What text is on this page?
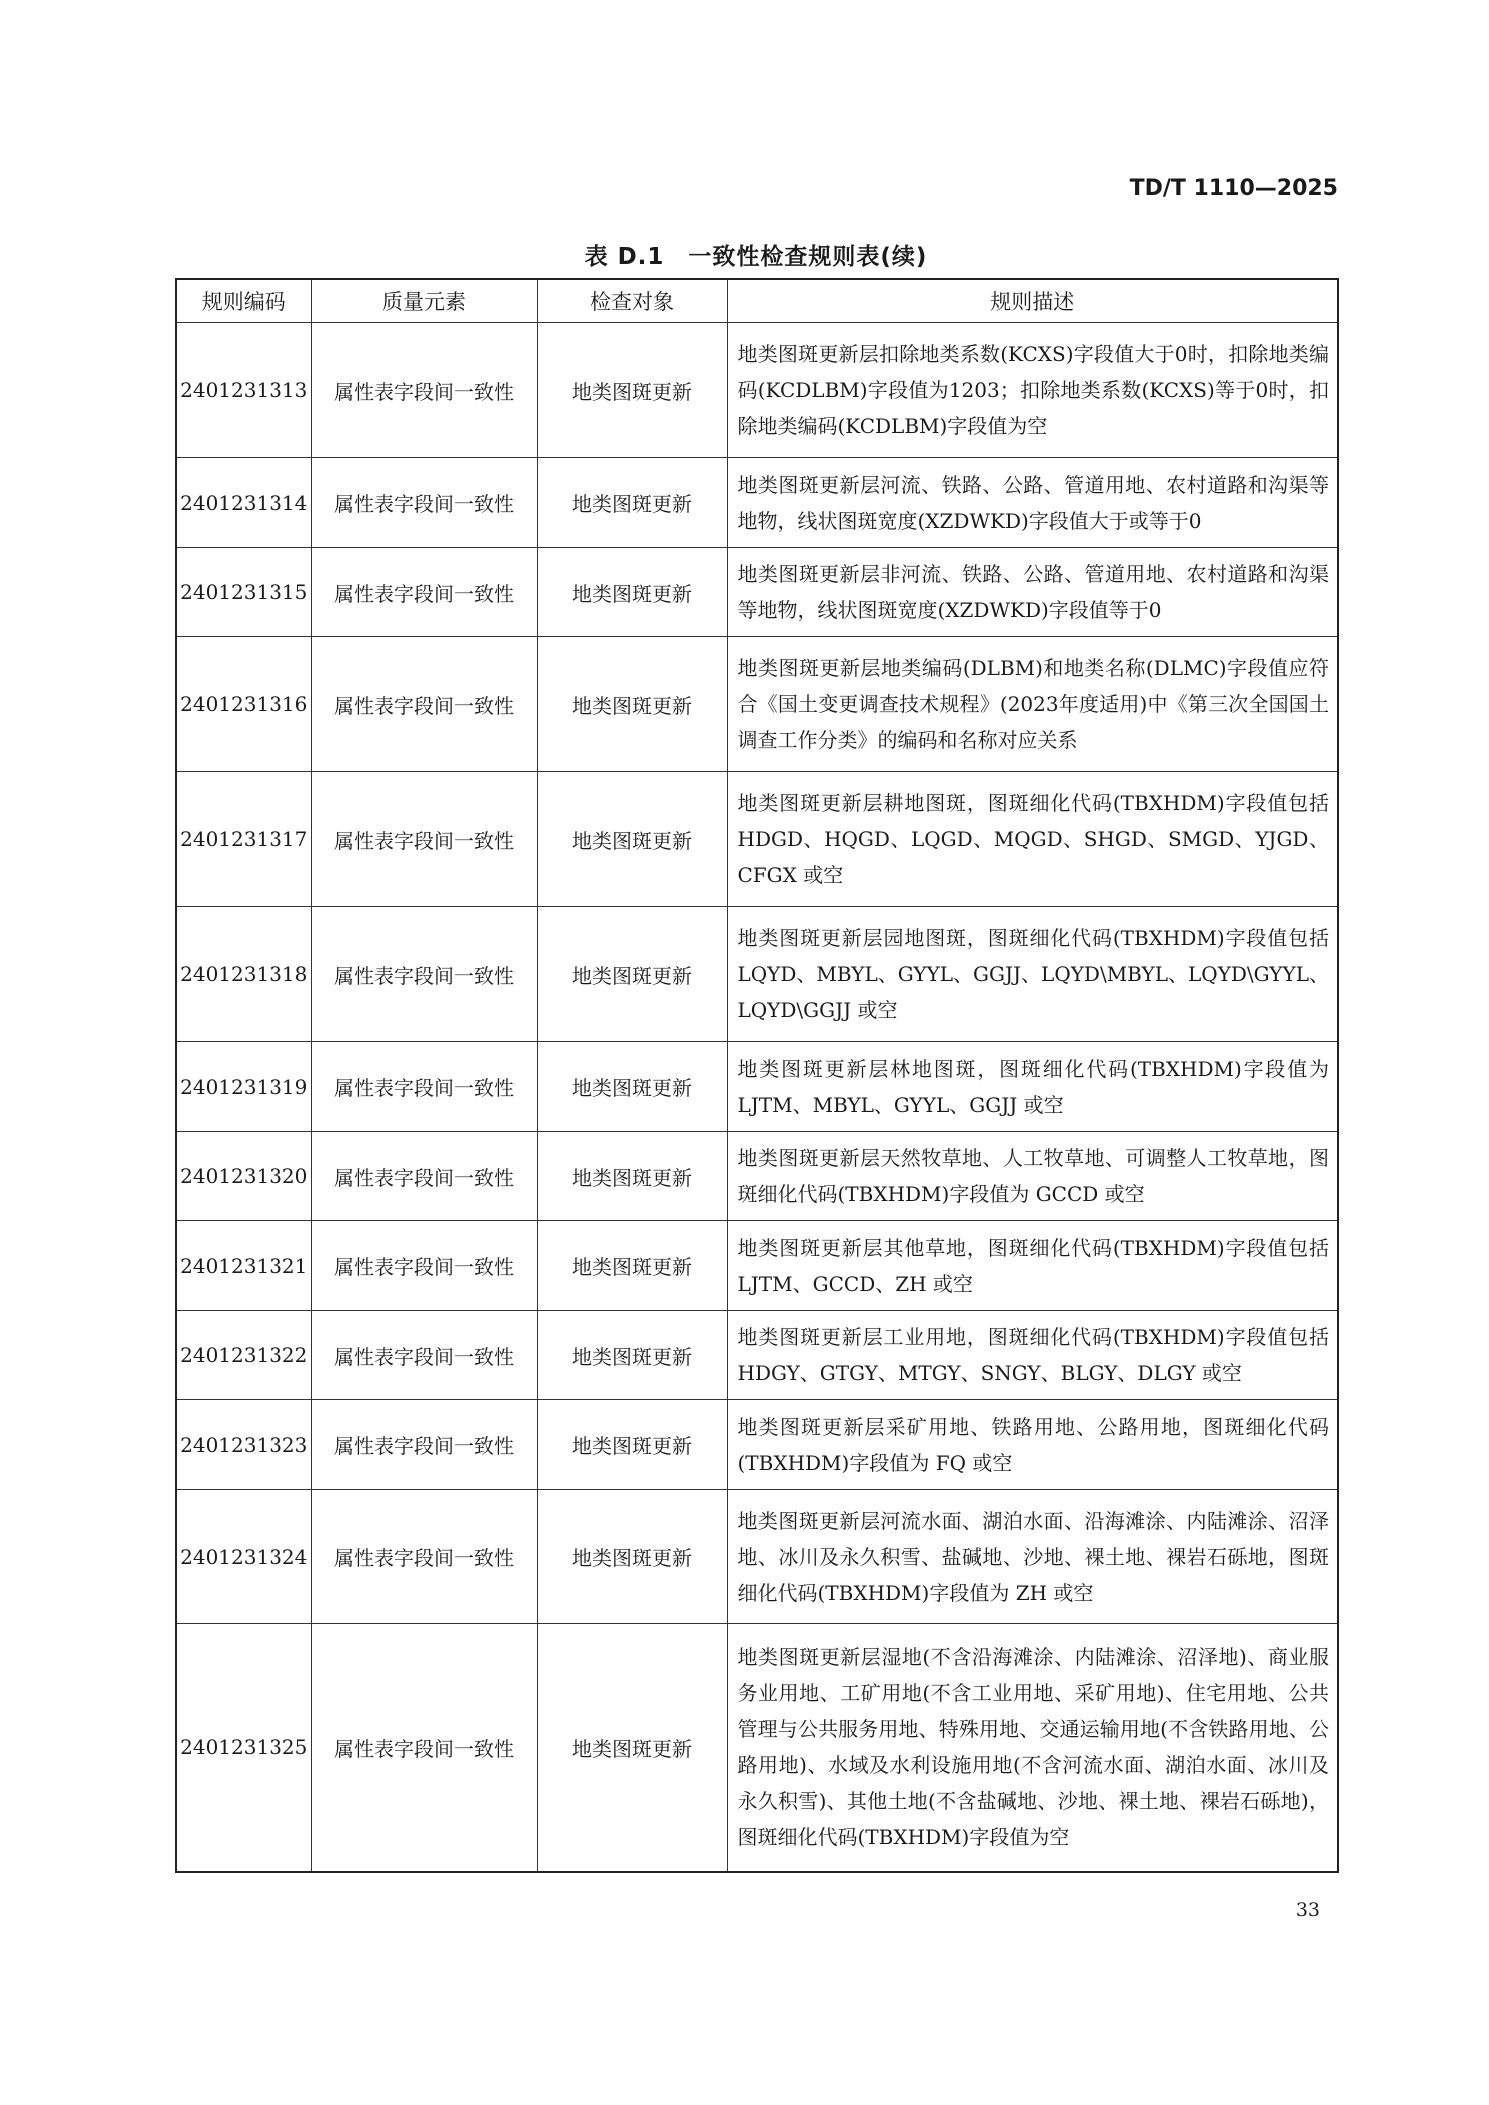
TD/T 1110—2025
表 D.1　一致性检查规则表(续)
规则编码	质量元素	检查对象	规则描述
2401231313	属性表字段间一致性	地类图斑更新	地类图斑更新层扣除地类系数(KCXS)字段值大于0时，扣除地类编码(KCDLBM)字段值为1203；扣除地类系数(KCXS)等于0时，扣除地类编码(KCDLBM)字段值为空
2401231314	属性表字段间一致性	地类图斑更新	地类图斑更新层河流、铁路、公路、管道用地、农村道路和沟渠等地物，线状图斑宽度(XZDWKD)字段值大于或等于0
2401231315	属性表字段间一致性	地类图斑更新	地类图斑更新层非河流、铁路、公路、管道用地、农村道路和沟渠等地物，线状图斑宽度(XZDWKD)字段值等于0
2401231316	属性表字段间一致性	地类图斑更新	地类图斑更新层地类编码(DLBM)和地类名称(DLMC)字段值应符合《国土变更调查技术规程》(2023年度适用)中《第三次全国国土调查工作分类》的编码和名称对应关系
2401231317	属性表字段间一致性	地类图斑更新	地类图斑更新层耕地图斑，图斑细化代码(TBXHDM)字段值包括 HDGD、HQGD、LQGD、MQGD、SHGD、SMGD、YJGD、CFGX 或空
2401231318	属性表字段间一致性	地类图斑更新	地类图斑更新层园地图斑，图斑细化代码(TBXHDM)字段值包括 LQYD、MBYL、GYYL、GGJJ、LQYD\MBYL、LQYD\GYYL、LQYD\GGJJ 或空
2401231319	属性表字段间一致性	地类图斑更新	地类图斑更新层林地图斑，图斑细化代码(TBXHDM)字段值为 LJTM、MBYL、GYYL、GGJJ 或空
2401231320	属性表字段间一致性	地类图斑更新	地类图斑更新层天然牧草地、人工牧草地、可调整人工牧草地，图斑细化代码(TBXHDM)字段值为 GCCD 或空
2401231321	属性表字段间一致性	地类图斑更新	地类图斑更新层其他草地，图斑细化代码(TBXHDM)字段值包括 LJTM、GCCD、ZH 或空
2401231322	属性表字段间一致性	地类图斑更新	地类图斑更新层工业用地，图斑细化代码(TBXHDM)字段值包括 HDGY、GTGY、MTGY、SNGY、BLGY、DLGY 或空
2401231323	属性表字段间一致性	地类图斑更新	地类图斑更新层采矿用地、铁路用地、公路用地，图斑细化代码(TBXHDM)字段值为 FQ 或空
2401231324	属性表字段间一致性	地类图斑更新	地类图斑更新层河流水面、湖泊水面、沿海滩涂、内陆滩涂、沼泽地、冰川及永久积雪、盐碱地、沙地、裸土地、裸岩石砾地，图斑细化代码(TBXHDM)字段值为 ZH 或空
2401231325	属性表字段间一致性	地类图斑更新	地类图斑更新层湿地(不含沿海滩涂、内陆滩涂、沼泽地)、商业服务业用地、工矿用地(不含工业用地、采矿用地)、住宅用地、公共管理与公共服务用地、特殊用地、交通运输用地(不含铁路用地、公路用地)、水域及水利设施用地(不含河流水面、湖泊水面、冰川及永久积雪)、其他土地(不含盐碱地、沙地、裸土地、裸岩石砾地)，图斑细化代码(TBXHDM)字段值为空
33
